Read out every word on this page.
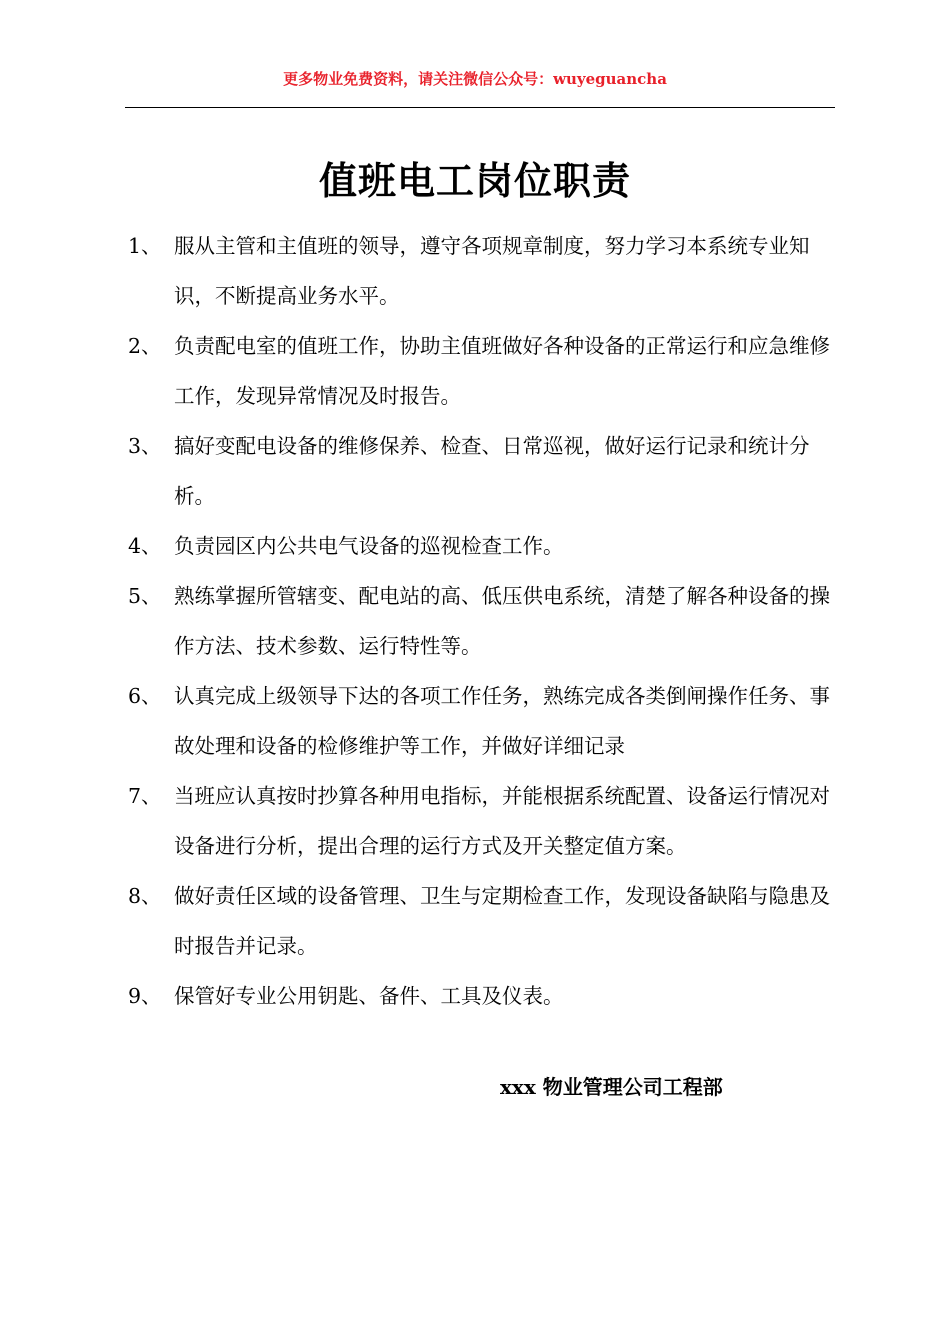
更多物业免费资料，请关注微信公众号：wuyeguancha
值班电工岗位职责
1、 服从主管和主值班的领导，遵守各项规章制度，努力学习本系统专业知识，不断提高业务水平。
2、 负责配电室的值班工作，协助主值班做好各种设备的正常运行和应急维修工作，发现异常情况及时报告。
3、 搞好变配电设备的维修保养、检查、日常巡视，做好运行记录和统计分析。
4、 负责园区内公共电气设备的巡视检查工作。
5、 熟练掌握所管辖变、配电站的高、低压供电系统，清楚了解各种设备的操作方法、技术参数、运行特性等。
6、 认真完成上级领导下达的各项工作任务，熟练完成各类倒闸操作任务、事故处理和设备的检修维护等工作，并做好详细记录
7、 当班应认真按时抄算各种用电指标，并能根据系统配置、设备运行情况对设备进行分析，提出合理的运行方式及开关整定值方案。
8、 做好责任区域的设备管理、卫生与定期检查工作，发现设备缺陷与隐患及时报告并记录。
9、 保管好专业公用钥匙、备件、工具及仪表。
xxx 物业管理公司工程部
